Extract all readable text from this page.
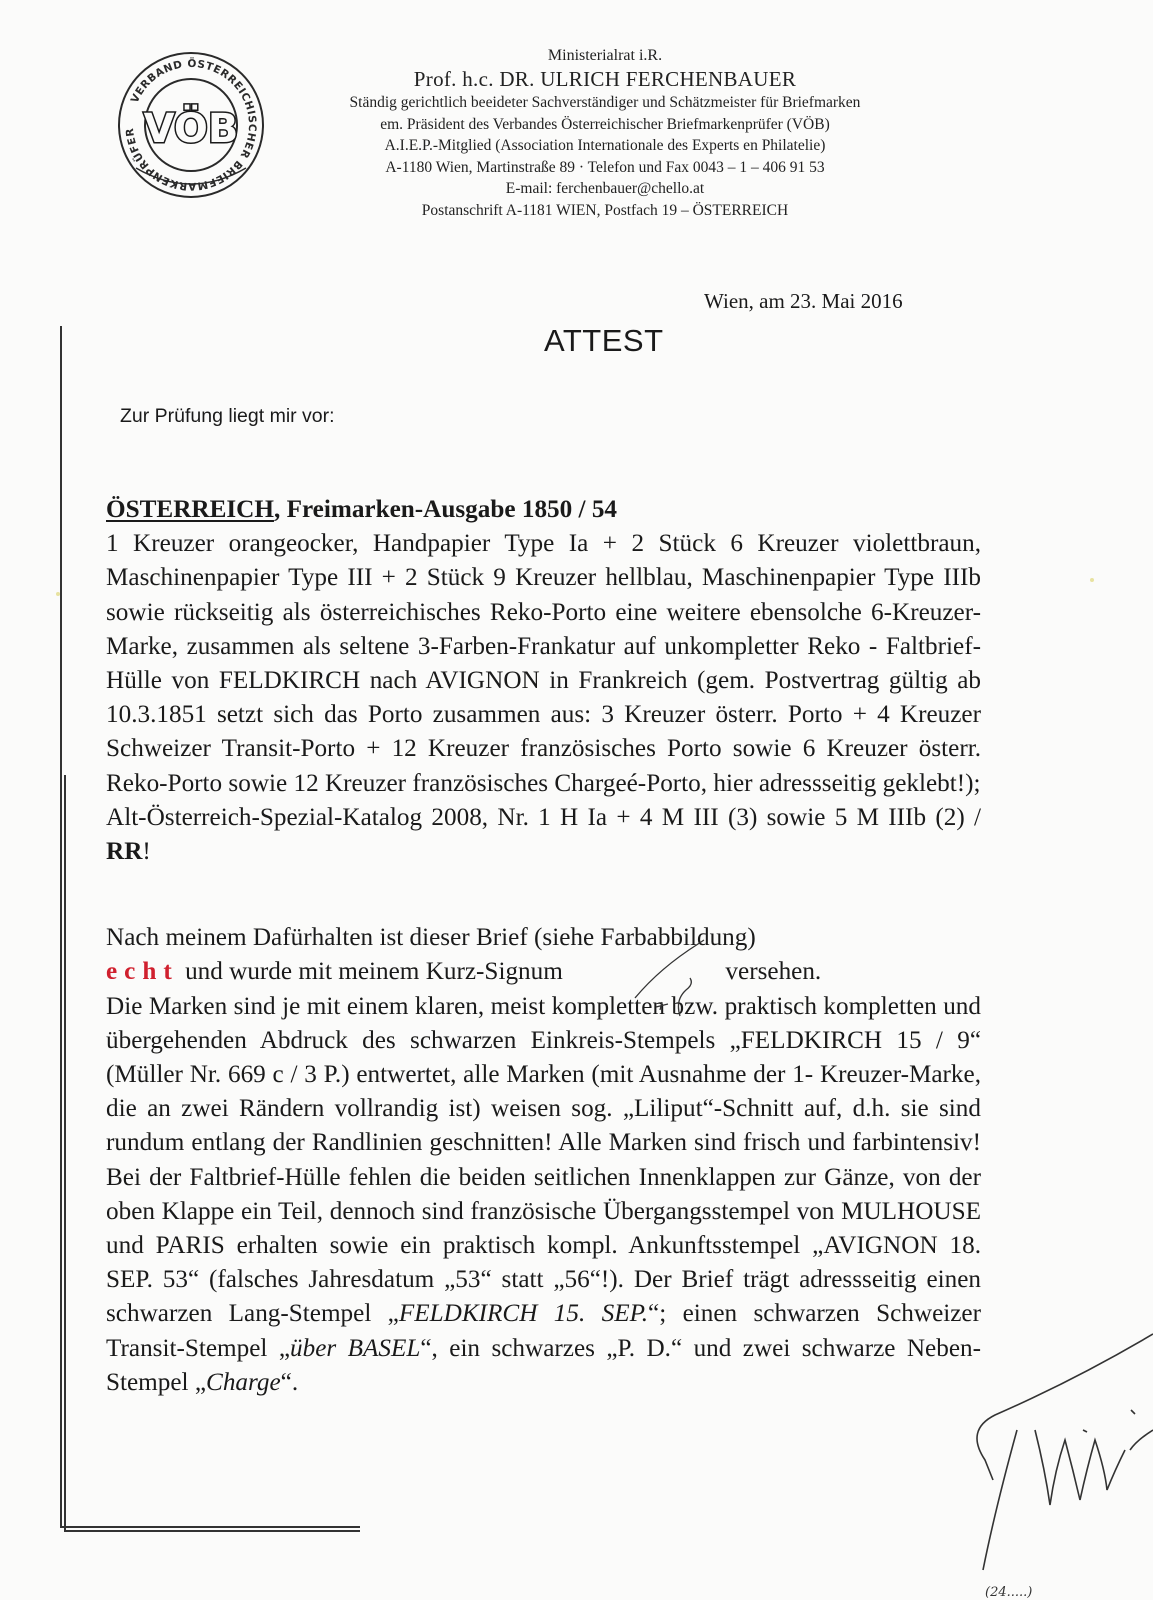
VERBAND ÖSTERREICHISCHER BRIEFMARKENPRÜFER VÖB
Ministerialrat i.R.
Prof. h.c. DR. ULRICH FERCHENBAUER
Ständig gerichtlich beeideter Sachverständiger und Schätzmeister für Briefmarken
em. Präsident des Verbandes Österreichischer Briefmarkenprüfer (VÖB)
A.I.E.P.-Mitglied (Association Internationale des Experts en Philatelie)
A-1180 Wien, Martinstraße 89 · Telefon und Fax 0043 – 1 – 406 91 53
E-mail: ferchenbauer@chello.at
Postanschrift A-1181 WIEN, Postfach 19 – ÖSTERREICH
Wien, am 23. Mai 2016
ATTEST
Zur Prüfung liegt mir vor:

ÖSTERREICH, Freimarken-Ausgabe 1850 / 54

1 Kreuzer orangeocker, Handpapier Type Ia + 2 Stück 6 Kreuzer violettbraun, Maschinenpapier Type III + 2 Stück 9 Kreuzer hellblau, Maschinenpapier Type IIIb sowie rückseitig als österreichisches Reko-Porto eine weitere ebensolche 6-Kreuzer-Marke, zusammen als seltene 3-Farben-Frankatur auf unkompletter Reko - Faltbrief-Hülle von FELDKIRCH nach AVIGNON in Frankreich (gem. Postvertrag gültig ab 10.3.1851 setzt sich das Porto zusammen aus: 3 Kreuzer österr. Porto + 4 Kreuzer Schweizer Transit-Porto + 12 Kreuzer französisches Porto sowie 6 Kreuzer österr. Reko-Porto sowie 12 Kreuzer französisches Chargeé-Porto, hier adressseitig geklebt!);

Alt-Österreich-Spezial-Katalog 2008, Nr. 1 H Ia + 4 M III (3) sowie 5 M IIIb (2) / RR!

Nach meinem Dafürhalten ist dieser Brief (siehe Farbabbildung)

echt und wurde mit meinem Kurz-Signum	versehen.

Die Marken sind je mit einem klaren, meist kompletten bzw. praktisch kompletten und übergehenden Abdruck des schwarzen Einkreis-Stempels „FELDKIRCH 15 / 9“ (Müller Nr. 669 c / 3 P.) entwertet, alle Marken (mit Ausnahme der 1- Kreuzer-Marke, die an zwei Rändern vollrandig ist) weisen sog. „Liliput“-Schnitt auf, d.h. sie sind rundum entlang der Randlinien geschnitten! Alle Marken sind frisch und farbintensiv! Bei der Faltbrief-Hülle fehlen die beiden seitlichen Innenklappen zur Gänze, von der oben Klappe ein Teil, dennoch sind französische Übergangsstempel von MULHOUSE und PARIS erhalten sowie ein praktisch kompl. Ankunftsstempel „AVIGNON 18. SEP. 53“ (falsches Jahresdatum „53“ statt „56“!). Der Brief trägt adressseitig einen schwarzen Lang-Stempel „FELDKIRCH 15. SEP.“; einen schwarzen Schweizer Transit-Stempel „über BASEL“, ein schwarzes „P. D.“ und zwei schwarze Neben-Stempel „Charge“.

(24.....)
